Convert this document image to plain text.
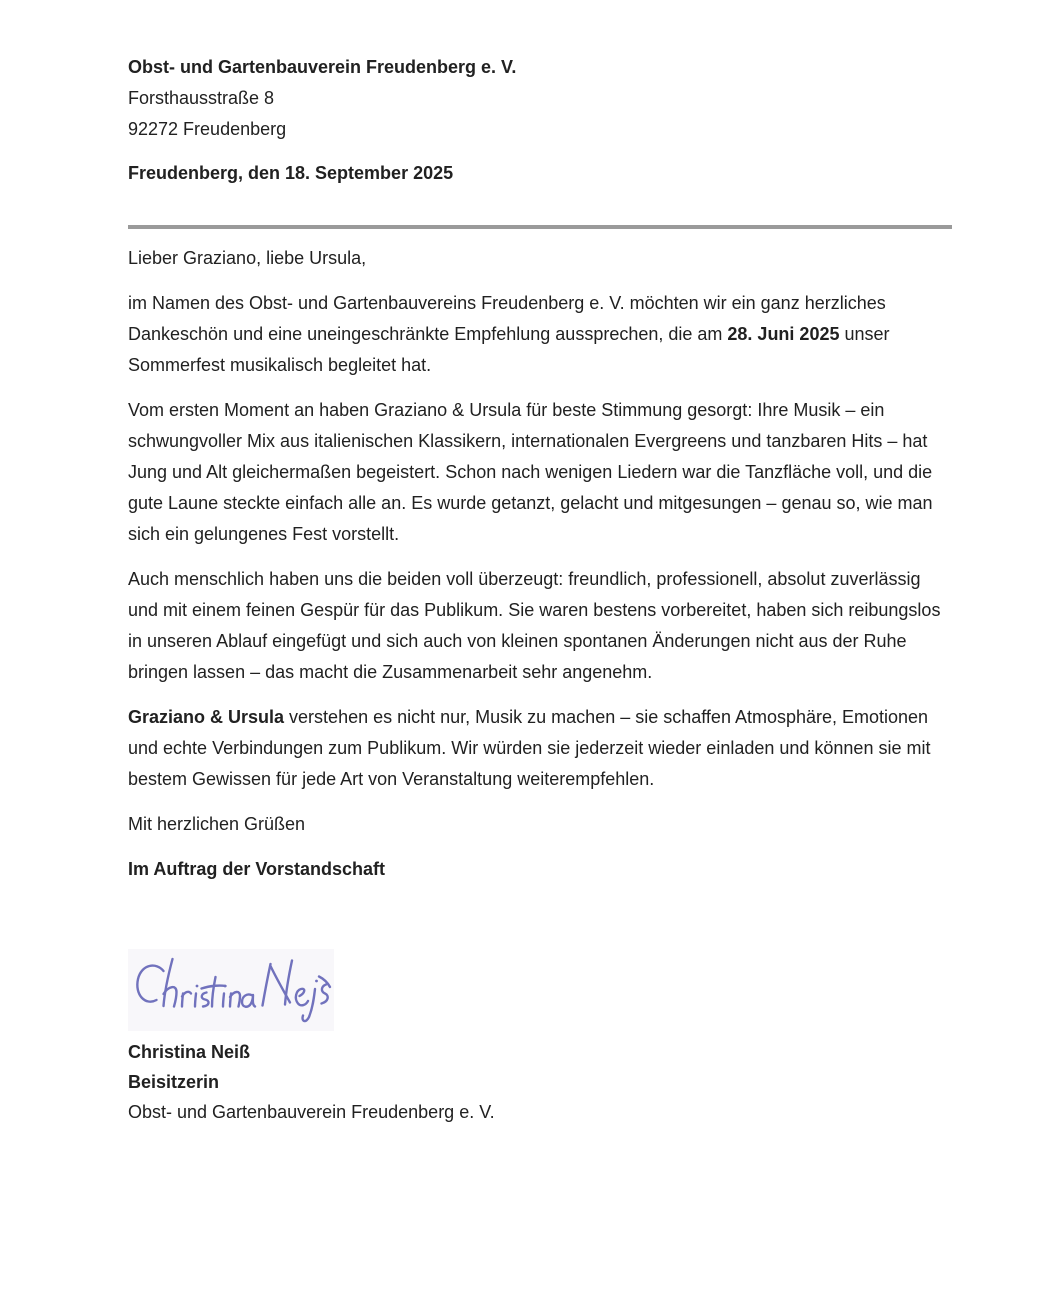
Obst- und Gartenbauverein Freudenberg e. V.

Forsthausstraße 8

92272 Freudenberg

Freudenberg, den 18. September 2025

Lieber Graziano, liebe Ursula,

im Namen des Obst- und Gartenbauvereins Freudenberg e. V. möchten wir ein ganz herzliches Dankeschön und eine uneingeschränkte Empfehlung aussprechen, die am 28. Juni 2025 unser Sommerfest musikalisch begleitet hat.

Vom ersten Moment an haben Graziano & Ursula für beste Stimmung gesorgt: Ihre Musik – ein schwungvoller Mix aus italienischen Klassikern, internationalen Evergreens und tanzbaren Hits – hat Jung und Alt gleichermaßen begeistert. Schon nach wenigen Liedern war die Tanzfläche voll, und die gute Laune steckte einfach alle an. Es wurde getanzt, gelacht und mitgesungen – genau so, wie man sich ein gelungenes Fest vorstellt.

Auch menschlich haben uns die beiden voll überzeugt: freundlich, professionell, absolut zuverlässig und mit einem feinen Gespür für das Publikum. Sie waren bestens vorbereitet, haben sich reibungslos in unseren Ablauf eingefügt und sich auch von kleinen spontanen Änderungen nicht aus der Ruhe bringen lassen – das macht die Zusammenarbeit sehr angenehm.

Graziano & Ursula verstehen es nicht nur, Musik zu machen – sie schaffen Atmosphäre, Emotionen und echte Verbindungen zum Publikum. Wir würden sie jederzeit wieder einladen und können sie mit bestem Gewissen für jede Art von Veranstaltung weiterempfehlen.

Mit herzlichen Grüßen

Im Auftrag der Vorstandschaft

Christina Neiß
Beisitzerin
Obst- und Gartenbauverein Freudenberg e. V.
